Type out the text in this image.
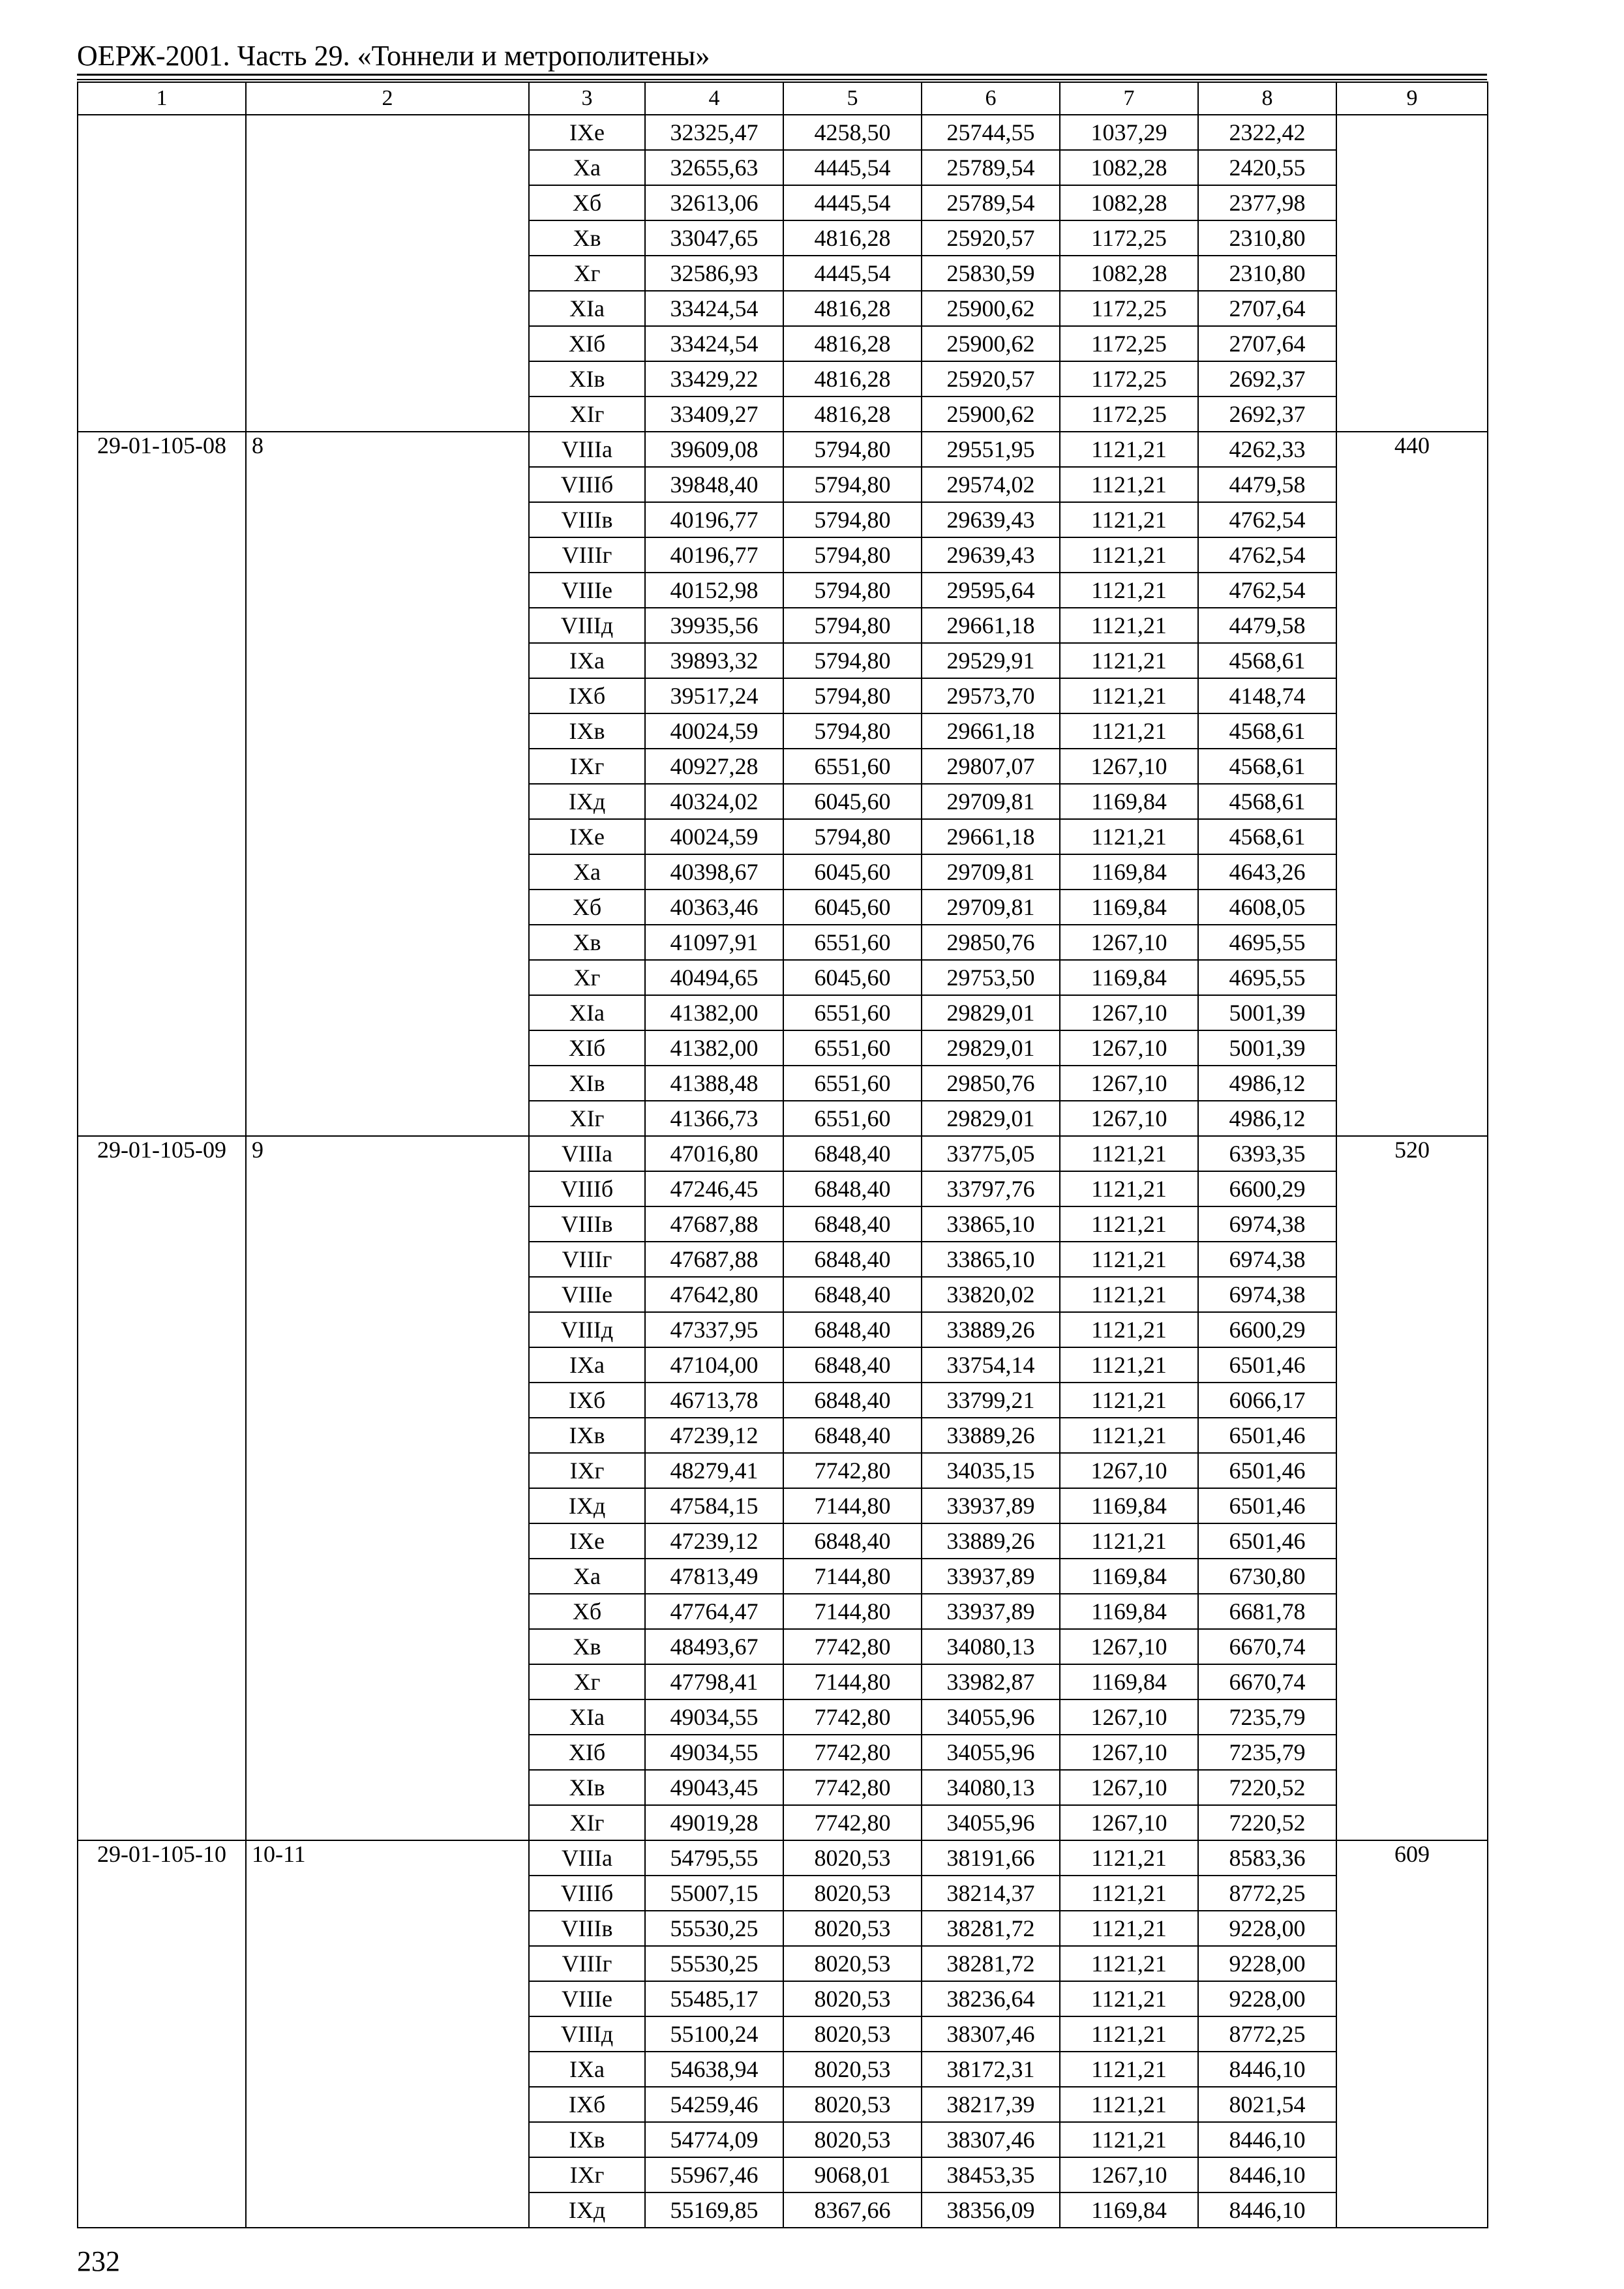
ОЕРЖ-2001. Часть 29. «Тоннели и метрополитены»
1	2	3	4	5	6	7	8	9
		IXе	32325,47	4258,50	25744,55	1037,29	2322,42	
		Xа	32655,63	4445,54	25789,54	1082,28	2420,55	
		Xб	32613,06	4445,54	25789,54	1082,28	2377,98	
		Xв	33047,65	4816,28	25920,57	1172,25	2310,80	
		Xг	32586,93	4445,54	25830,59	1082,28	2310,80	
		XIа	33424,54	4816,28	25900,62	1172,25	2707,64	
		XIб	33424,54	4816,28	25900,62	1172,25	2707,64	
		XIв	33429,22	4816,28	25920,57	1172,25	2692,37	
		XIг	33409,27	4816,28	25900,62	1172,25	2692,37	
29-01-105-08	8	VIIIа	39609,08	5794,80	29551,95	1121,21	4262,33	440
		VIIIб	39848,40	5794,80	29574,02	1121,21	4479,58	
		VIIIв	40196,77	5794,80	29639,43	1121,21	4762,54	
		VIIIг	40196,77	5794,80	29639,43	1121,21	4762,54	
		VIIIе	40152,98	5794,80	29595,64	1121,21	4762,54	
		VIIIд	39935,56	5794,80	29661,18	1121,21	4479,58	
		IXа	39893,32	5794,80	29529,91	1121,21	4568,61	
		IXб	39517,24	5794,80	29573,70	1121,21	4148,74	
		IXв	40024,59	5794,80	29661,18	1121,21	4568,61	
		IXг	40927,28	6551,60	29807,07	1267,10	4568,61	
		IXд	40324,02	6045,60	29709,81	1169,84	4568,61	
		IXе	40024,59	5794,80	29661,18	1121,21	4568,61	
		Xа	40398,67	6045,60	29709,81	1169,84	4643,26	
		Xб	40363,46	6045,60	29709,81	1169,84	4608,05	
		Xв	41097,91	6551,60	29850,76	1267,10	4695,55	
		Xг	40494,65	6045,60	29753,50	1169,84	4695,55	
		XIа	41382,00	6551,60	29829,01	1267,10	5001,39	
		XIб	41382,00	6551,60	29829,01	1267,10	5001,39	
		XIв	41388,48	6551,60	29850,76	1267,10	4986,12	
		XIг	41366,73	6551,60	29829,01	1267,10	4986,12	
29-01-105-09	9	VIIIа	47016,80	6848,40	33775,05	1121,21	6393,35	520
		VIIIб	47246,45	6848,40	33797,76	1121,21	6600,29	
		VIIIв	47687,88	6848,40	33865,10	1121,21	6974,38	
		VIIIг	47687,88	6848,40	33865,10	1121,21	6974,38	
		VIIIе	47642,80	6848,40	33820,02	1121,21	6974,38	
		VIIIд	47337,95	6848,40	33889,26	1121,21	6600,29	
		IXа	47104,00	6848,40	33754,14	1121,21	6501,46	
		IXб	46713,78	6848,40	33799,21	1121,21	6066,17	
		IXв	47239,12	6848,40	33889,26	1121,21	6501,46	
		IXг	48279,41	7742,80	34035,15	1267,10	6501,46	
		IXд	47584,15	7144,80	33937,89	1169,84	6501,46	
		IXе	47239,12	6848,40	33889,26	1121,21	6501,46	
		Xа	47813,49	7144,80	33937,89	1169,84	6730,80	
		Xб	47764,47	7144,80	33937,89	1169,84	6681,78	
		Xв	48493,67	7742,80	34080,13	1267,10	6670,74	
		Xг	47798,41	7144,80	33982,87	1169,84	6670,74	
		XIа	49034,55	7742,80	34055,96	1267,10	7235,79	
		XIб	49034,55	7742,80	34055,96	1267,10	7235,79	
		XIв	49043,45	7742,80	34080,13	1267,10	7220,52	
		XIг	49019,28	7742,80	34055,96	1267,10	7220,52	
29-01-105-10	10-11	VIIIа	54795,55	8020,53	38191,66	1121,21	8583,36	609
		VIIIб	55007,15	8020,53	38214,37	1121,21	8772,25	
		VIIIв	55530,25	8020,53	38281,72	1121,21	9228,00	
		VIIIг	55530,25	8020,53	38281,72	1121,21	9228,00	
		VIIIе	55485,17	8020,53	38236,64	1121,21	9228,00	
		VIIIд	55100,24	8020,53	38307,46	1121,21	8772,25	
		IXа	54638,94	8020,53	38172,31	1121,21	8446,10	
		IXб	54259,46	8020,53	38217,39	1121,21	8021,54	
		IXв	54774,09	8020,53	38307,46	1121,21	8446,10	
		IXг	55967,46	9068,01	38453,35	1267,10	8446,10	
		IXд	55169,85	8367,66	38356,09	1169,84	8446,10	
232
